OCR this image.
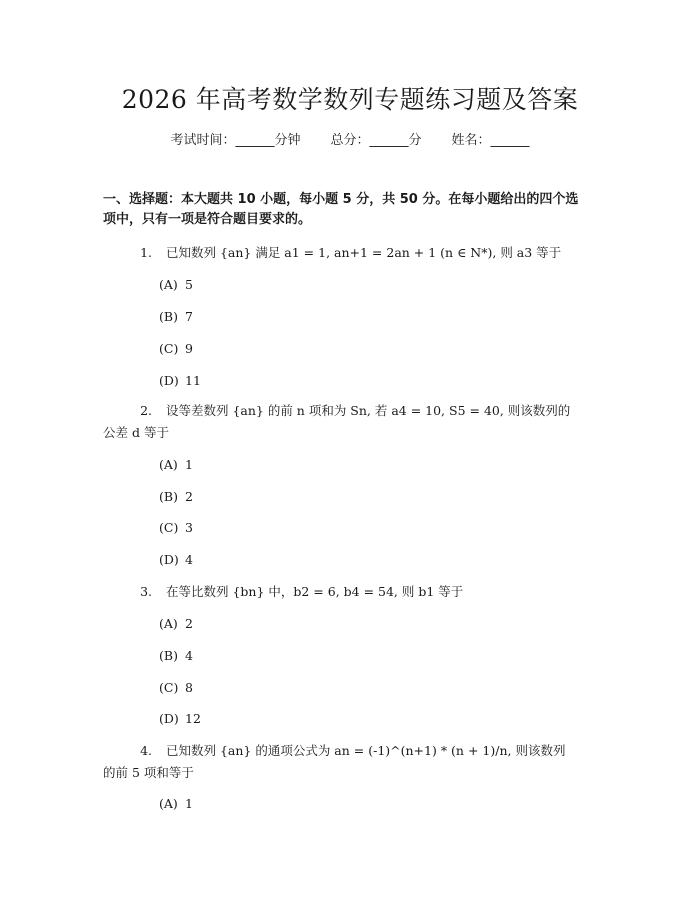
2026 年高考数学数列专题练习题及答案
考试时间：______分钟 总分：______分 姓名：______
一、选择题：本大题共 10 小题，每小题 5 分，共 50 分。在每小题给出的四个选
项中，只有一项是符合题目要求的。
1. 已知数列 {an} 满足 a1 = 1, an+1 = 2an + 1 (n ∈ N*), 则 a3 等于
(A) 5
(B) 7
(C) 9
(D) 11
2. 设等差数列 {an} 的前 n 项和为 Sn, 若 a4 = 10, S5 = 40, 则该数列的
公差 d 等于
(A) 1
(B) 2
(C) 3
(D) 4
3. 在等比数列 {bn} 中，b2 = 6, b4 = 54, 则 b1 等于
(A) 2
(B) 4
(C) 8
(D) 12
4. 已知数列 {an} 的通项公式为 an = (-1)^(n+1) * (n + 1)/n, 则该数列
的前 5 项和等于
(A) 1
